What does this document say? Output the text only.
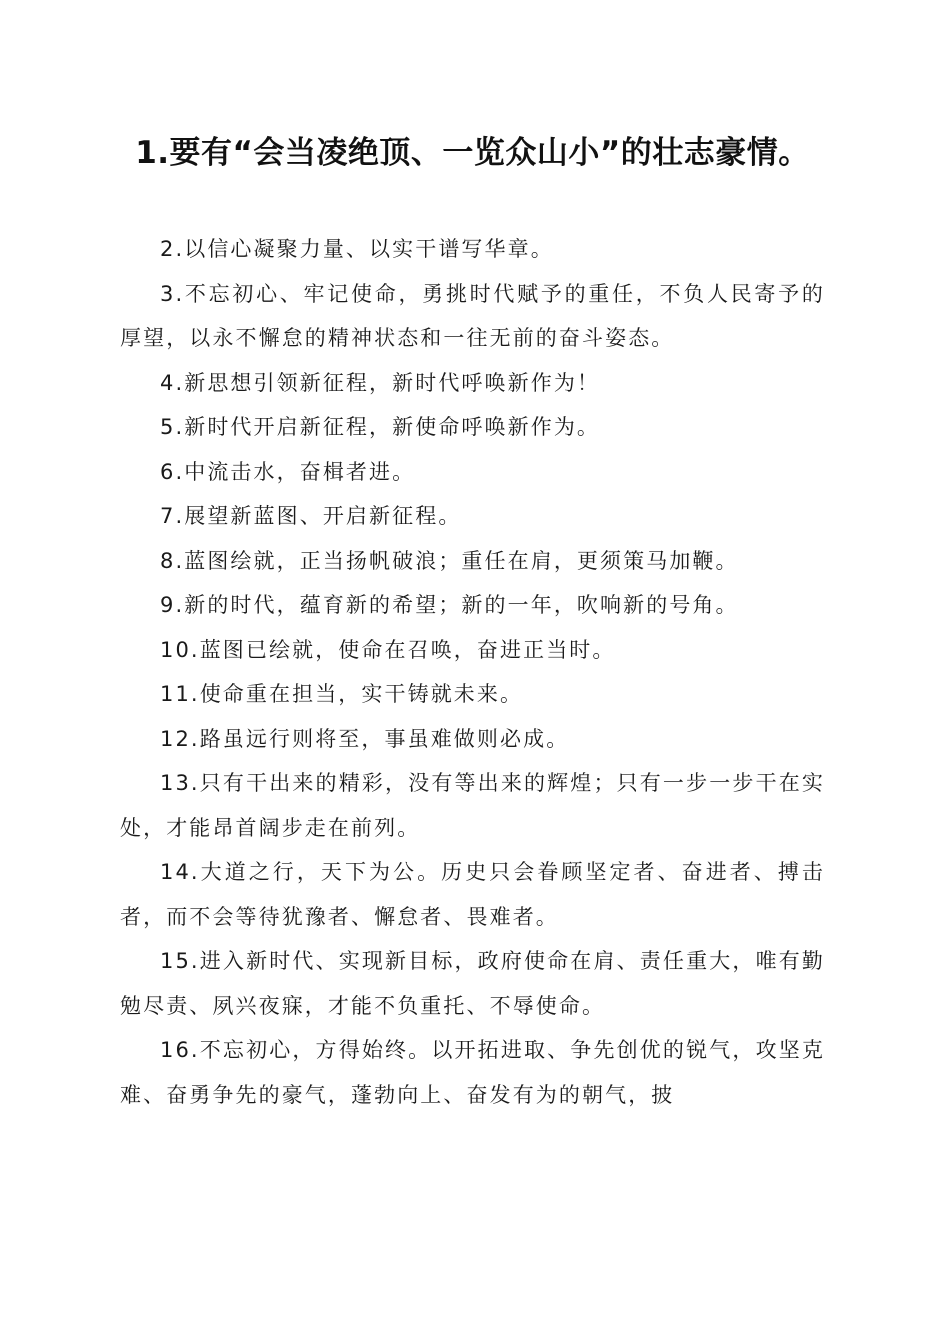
1.要有“会当凌绝顶、一览众山小”的壮志豪情。
2.以信心凝聚力量、以实干谱写华章。
3.不忘初心、牢记使命，勇挑时代赋予的重任，不负人民寄予的厚望，以永不懈怠的精神状态和一往无前的奋斗姿态。
4.新思想引领新征程，新时代呼唤新作为！
5.新时代开启新征程，新使命呼唤新作为。
6.中流击水，奋楫者进。
7.展望新蓝图、开启新征程。
8.蓝图绘就，正当扬帆破浪；重任在肩，更须策马加鞭。
9.新的时代，蕴育新的希望；新的一年，吹响新的号角。
10.蓝图已绘就，使命在召唤，奋进正当时。
11.使命重在担当，实干铸就未来。
12.路虽远行则将至，事虽难做则必成。
13.只有干出来的精彩，没有等出来的辉煌；只有一步一步干在实处，才能昂首阔步走在前列。
14.大道之行，天下为公。历史只会眷顾坚定者、奋进者、搏击者，而不会等待犹豫者、懈怠者、畏难者。
15.进入新时代、实现新目标，政府使命在肩、责任重大，唯有勤勉尽责、夙兴夜寐，才能不负重托、不辱使命。
16.不忘初心，方得始终。以开拓进取、争先创优的锐气，攻坚克难、奋勇争先的豪气，蓬勃向上、奋发有为的朝气，披
